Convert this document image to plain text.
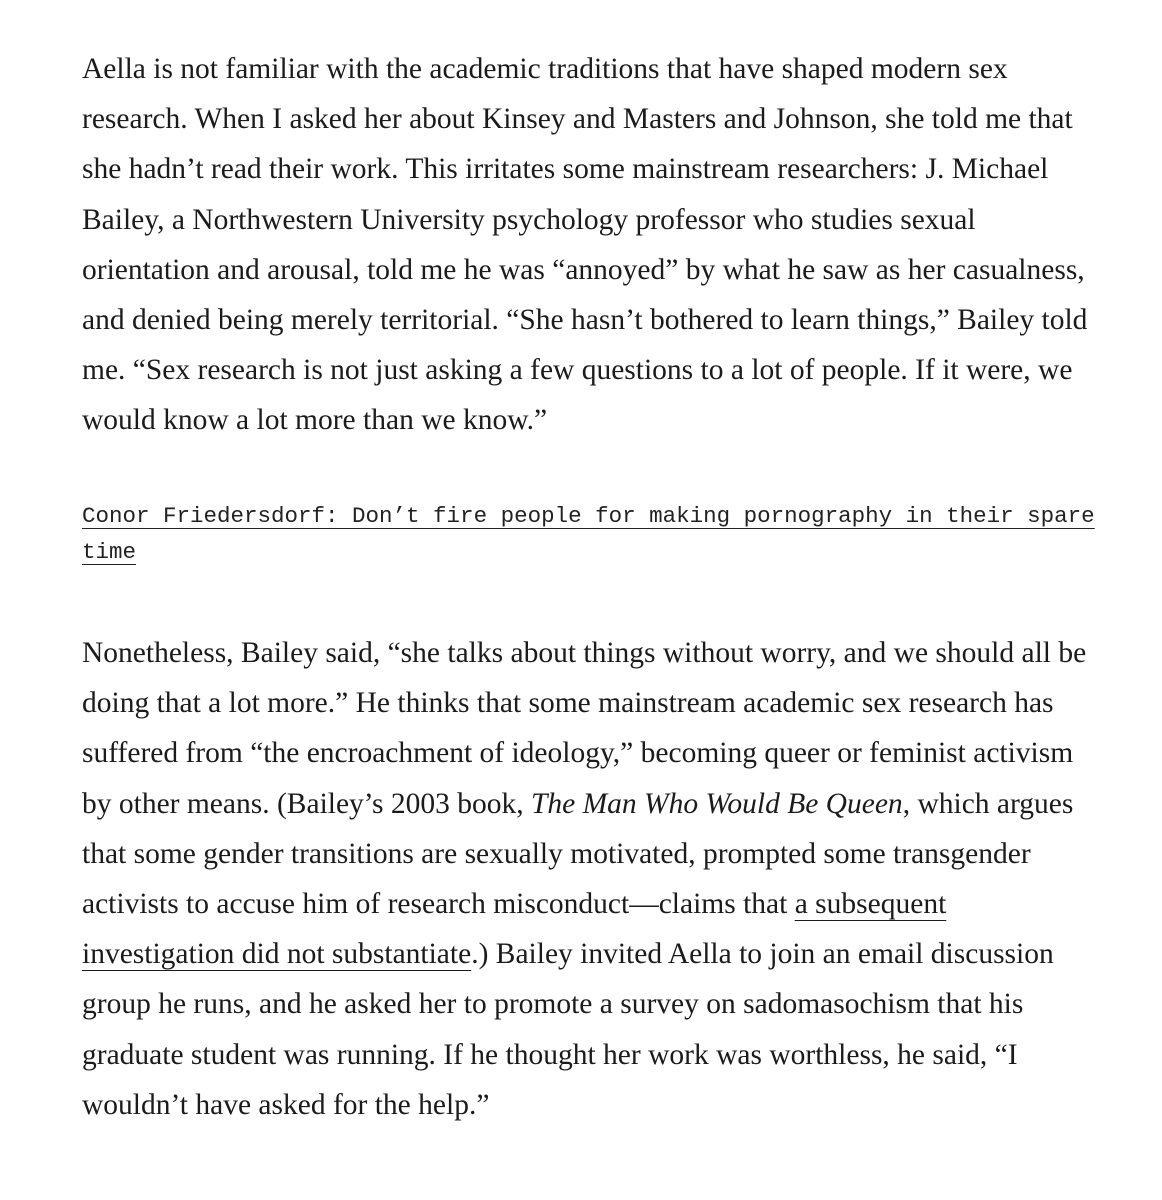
Aella is not familiar with the academic traditions that have shaped modern sex research. When I asked her about Kinsey and Masters and Johnson, she told me that she hadn’t read their work. This irritates some mainstream researchers: J. Michael Bailey, a Northwestern University psychology professor who studies sexual orientation and arousal, told me he was “annoyed” by what he saw as her casualness, and denied being merely territorial. “She hasn’t bothered to learn things,” Bailey told me. “Sex research is not just asking a few questions to a lot of people. If it were, we would know a lot more than we know.”

Conor Friedersdorf: Don’t fire people for making pornography in their spare time

Nonetheless, Bailey said, “she talks about things without worry, and we should all be doing that a lot more.” He thinks that some mainstream academic sex research has suffered from “the encroachment of ideology,” becoming queer or feminist activism by other means. (Bailey’s 2003 book, The Man Who Would Be Queen, which argues that some gender transitions are sexually motivated, prompted some transgender activists to accuse him of research misconduct—claims that a subsequent investigation did not substantiate.) Bailey invited Aella to join an email discussion group he runs, and he asked her to promote a survey on sadomasochism that his graduate student was running. If he thought her work was worthless, he said, “I wouldn’t have asked for the help.”
